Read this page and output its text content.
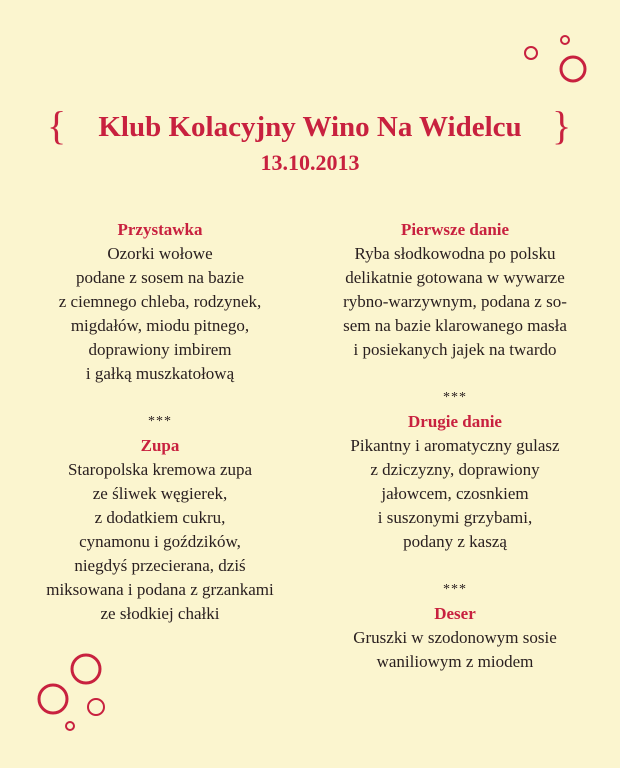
{	}
Klub Kolacyjny Wino Na Widelcu
13.10.2013
Przystawka
Ozorki wołowe
podane z sosem na bazie
z ciemnego chleba, rodzynek,
migdałów, miodu pitnego,
doprawiony imbirem
i gałką muszkatołową
***
Zupa
Staropolska kremowa zupa
ze śliwek węgierek,
z dodatkiem cukru,
cynamonu i goździków,
niegdyś przecierana, dziś
miksowana i podana z grzankami
ze słodkiej chałki
Pierwsze danie
Ryba słodkowodna po polsku
delikatnie gotowana w wywarze
rybno-warzywnym, podana z so-
sem na bazie klarowanego masła
i posiekanych jajek na twardo
***
Drugie danie
Pikantny i aromatyczny gulasz
z dziczyzny, doprawiony
jałowcem, czosnkiem
i suszonymi grzybami,
podany z kaszą
***
Deser
Gruszki w szodonowym sosie
waniliowym z miodem
